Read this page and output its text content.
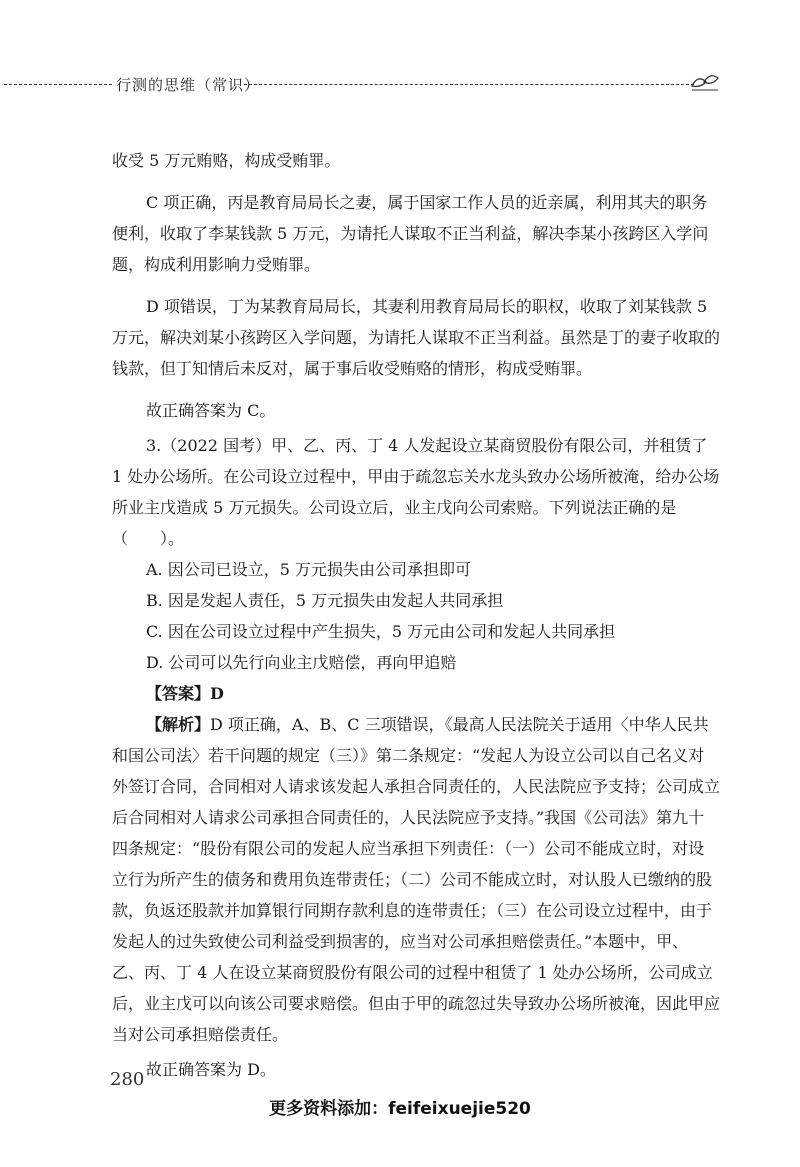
行测的思维（常识）

收受 5 万元贿赂，构成受贿罪。

C 项正确，丙是教育局局长之妻，属于国家工作人员的近亲属，利用其夫的职务便利，收取了李某钱款 5 万元，为请托人谋取不正当利益，解决李某小孩跨区入学问题，构成利用影响力受贿罪。

D 项错误，丁为某教育局局长，其妻利用教育局局长的职权，收取了刘某钱款 5 万元，解决刘某小孩跨区入学问题，为请托人谋取不正当利益。虽然是丁的妻子收取的钱款，但丁知情后未反对，属于事后收受贿赂的情形，构成受贿罪。

故正确答案为 C。

3.（2022 国考）甲、乙、丙、丁 4 人发起设立某商贸股份有限公司，并租赁了 1 处办公场所。在公司设立过程中，甲由于疏忽忘关水龙头致办公场所被淹，给办公场所业主戊造成 5 万元损失。公司设立后，业主戊向公司索赔。下列说法正确的是（　　）。

A. 因公司已设立，5 万元损失由公司承担即可

B. 因是发起人责任，5 万元损失由发起人共同承担

C. 因在公司设立过程中产生损失，5 万元由公司和发起人共同承担

D. 公司可以先行向业主戊赔偿，再向甲追赔

【答案】D

【解析】D 项正确，A、B、C 三项错误，《最高人民法院关于适用〈中华人民共和国公司法〉若干问题的规定（三）》第二条规定：“发起人为设立公司以自己名义对外签订合同，合同相对人请求该发起人承担合同责任的，人民法院应予支持；公司成立后合同相对人请求公司承担合同责任的，人民法院应予支持。”我国《公司法》第九十四条规定：“股份有限公司的发起人应当承担下列责任：（一）公司不能成立时，对设立行为所产生的债务和费用负连带责任；（二）公司不能成立时，对认股人已缴纳的股款，负返还股款并加算银行同期存款利息的连带责任；（三）在公司设立过程中，由于发起人的过失致使公司利益受到损害的，应当对公司承担赔偿责任。”本题中，甲、乙、丙、丁 4 人在设立某商贸股份有限公司的过程中租赁了 1 处办公场所，公司成立后，业主戊可以向该公司要求赔偿。但由于甲的疏忽过失导致办公场所被淹，因此甲应当对公司承担赔偿责任。

故正确答案为 D。

280
更多资料添加：feifeixuejie520
